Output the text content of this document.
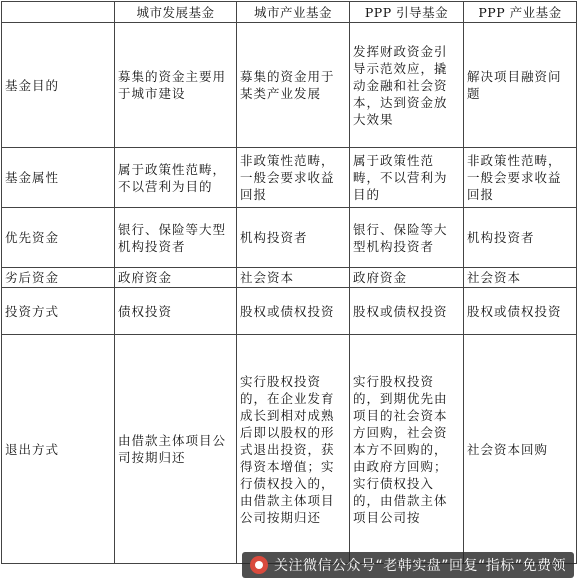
	城市发展基金	城市产业基金	PPP 引导基金	PPP 产业基金
基金目的	募集的资金主要用于城市建设	募集的资金用于某类产业发展	发挥财政资金引导示范效应，撬动金融和社会资本，达到资金放大效果	解决项目融资问题
基金属性	属于政策性范畴，不以营利为目的	非政策性范畴，一般会要求收益回报	属于政策性范畴，不以营利为目的	非政策性范畴，一般会要求收益回报
优先资金	银行、保险等大型机构投资者	机构投资者	银行、保险等大型机构投资者	机构投资者
劣后资金	政府资金	社会资本	政府资金	社会资本
投资方式	债权投资	股权或债权投资	股权或债权投资	股权或债权投资
退出方式	由借款主体项目公司按期归还	实行股权投资的，在企业发育成长到相对成熟后即以股权的形式退出投资，获得资本增值；实行债权投入的，由借款主体项目公司按期归还	实行股权投资的，到期优先由项目的社会资本方回购，社会资本方不回购的，由政府方回购；实行债权投入的，由借款主体项目公司按	社会资本回购
关注微信公众号“老韩实盘”回复“指标”免费领
